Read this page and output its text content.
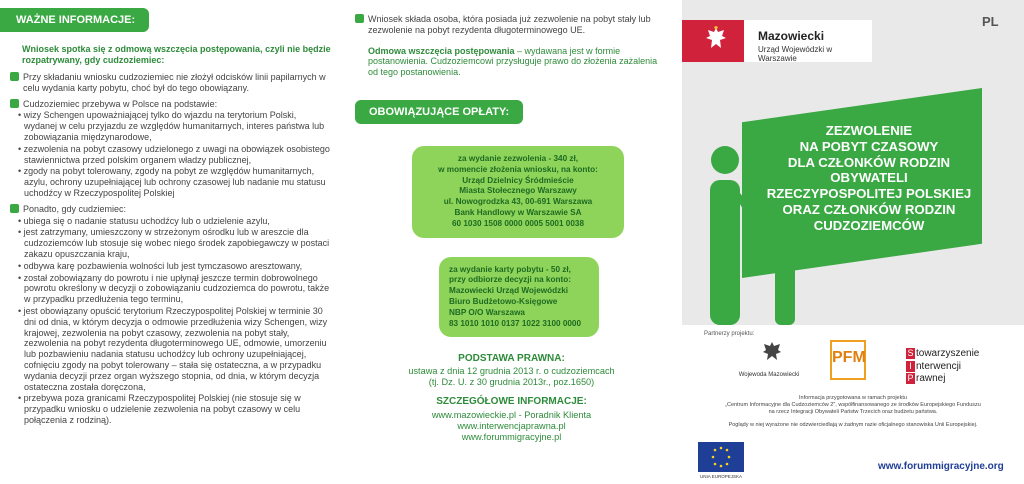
WAŻNE INFORMACJE:
Wniosek spotka się z odmową wszczęcia postępowania, czyli nie będzie rozpatrywany, gdy cudzoziemiec:
Przy składaniu wniosku cudzoziemiec nie złożył odcisków linii papilarnych w celu wydania karty pobytu, choć był do tego obowiązany.
Cudzoziemiec przebywa w Polsce na podstawie:
• wizy Schengen upoważniającej tylko do wjazdu na terytorium Polski, wydanej w celu przyjazdu ze względów humanitarnych, interes państwa lub zobowiązania międzynarodowe,
• zezwolenia na pobyt czasowy udzielonego z uwagi na obowiązek osobistego stawiennictwa przed polskim organem władzy publicznej,
• zgody na pobyt tolerowany, zgody na pobyt ze względów humanitarnych, azylu, ochrony uzupełniającej lub ochrony czasowej lub nadanie mu statusu uchodźcy w Rzeczypospolitej Polskiej
Ponadto, gdy cudziemiec:
• ubiega się o nadanie statusu uchodźcy lub o udzielenie azylu,
• jest zatrzymany, umieszczony w strzeżonym ośrodku lub w areszcie dla cudzoziemców lub stosuje się wobec niego środek zapobiegawczy w postaci zakazu opuszczania kraju,
• odbywa karę pozbawienia wolności lub jest tymczasowo aresztowany,
• został zobowiązany do powrotu i nie upłynął jeszcze termin dobrowolnego powrotu określony w decyzji o zobowiązaniu cudzoziemca do powrotu, także w przypadku przedłużenia tego terminu,
• jest obowiązany opuścić terytorium Rzeczypospolitej Polskiej w terminie 30 dni od dnia, w którym decyzja o odmowie przedłużenia wizy Schengen, wizy krajowej, zezwolenia na pobyt czasowy, zezwolenia na pobyt stały, zezwolenia na pobyt rezydenta długoterminowego UE, odmowie, umorzeniu lub pozbawieniu nadania statusu uchodźcy lub ochrony uzupełniającej, cofnięciu zgody na pobyt tolerowany – stała się ostateczna, a w przypadku wydania decyzji przez organ wyższego stopnia, od dnia, w którym decyzja ostateczna została doręczona,
• przebywa poza granicami Rzeczypospolitej Polskiej (nie stosuje się w przypadku wniosku o udzielenie zezwolenia na pobyt czasowy w celu połączenia z rodziną).
Wniosek składa osoba, która posiada już zezwolenie na pobyt stały lub zezwolenie na pobyt rezydenta długoterminowego UE.
Odmowa wszczęcia postępowania – wydawana jest w formie postanowienia. Cudzoziemcowi przysługuje prawo do złożenia zażalenia od tego postanowienia.
OBOWIĄZUJĄCE OPŁATY:
za wydanie zezwolenia - 340 zł,
w momencie złożenia wniosku, na konto:
Urząd Dzielnicy Śródmieście
Miasta Stołecznego Warszawy
ul. Nowogrodzka 43, 00-691 Warszawa
Bank Handlowy w Warszawie SA
60 1030 1508 0000 0005 5001 0038
za wydanie karty pobytu - 50 zł,
przy odbiorze decyzji na konto:
Mazowiecki Urząd Wojewódzki
Biuro Budżetowo-Księgowe
NBP O/O Warszawa
83 1010 1010 0137 1022 3100 0000
PODSTAWA PRAWNA:
ustawa z dnia 12 grudnia 2013 r. o cudzoziemcach
(tj. Dz. U. z 30 grudnia 2013r., poz.1650)
SZCZEGÓŁOWE INFORMACJE:
www.mazowieckie.pl - Poradnik Klienta
www.interwencjaprawna.pl
www.forummigracyjne.pl
PL
Mazowiecki
Urząd Wojewódzki w Warszawie
ZEZWOLENIE
NA POBYT CZASOWY
DLA CZŁONKÓW RODZIN
OBYWATELI
RZECZYPOSPOLITEJ POLSKIEJ
ORAZ CZŁONKÓW RODZIN
CUDZOZIEMCÓW
Partnerzy projektu:
Wojewoda Mazowiecki
PFM	S towarzyszenie
I nterwencji
P rawnej
Informacja przygotowana w ramach projektu
„Centrum Informacyjne dla Cudzoziemców 2", współfinansowanego ze środków Europejskiego Funduszu
na rzecz Integracji Obywateli Państw Trzecich oraz budżetu państwa.
Poglądy w niej wyrażone nie odzwierciedlają w żadnym razie oficjalnego stanowiska Unii Europejskiej.
UNIA EUROPEJSKA
www.forummigracyjne.org
